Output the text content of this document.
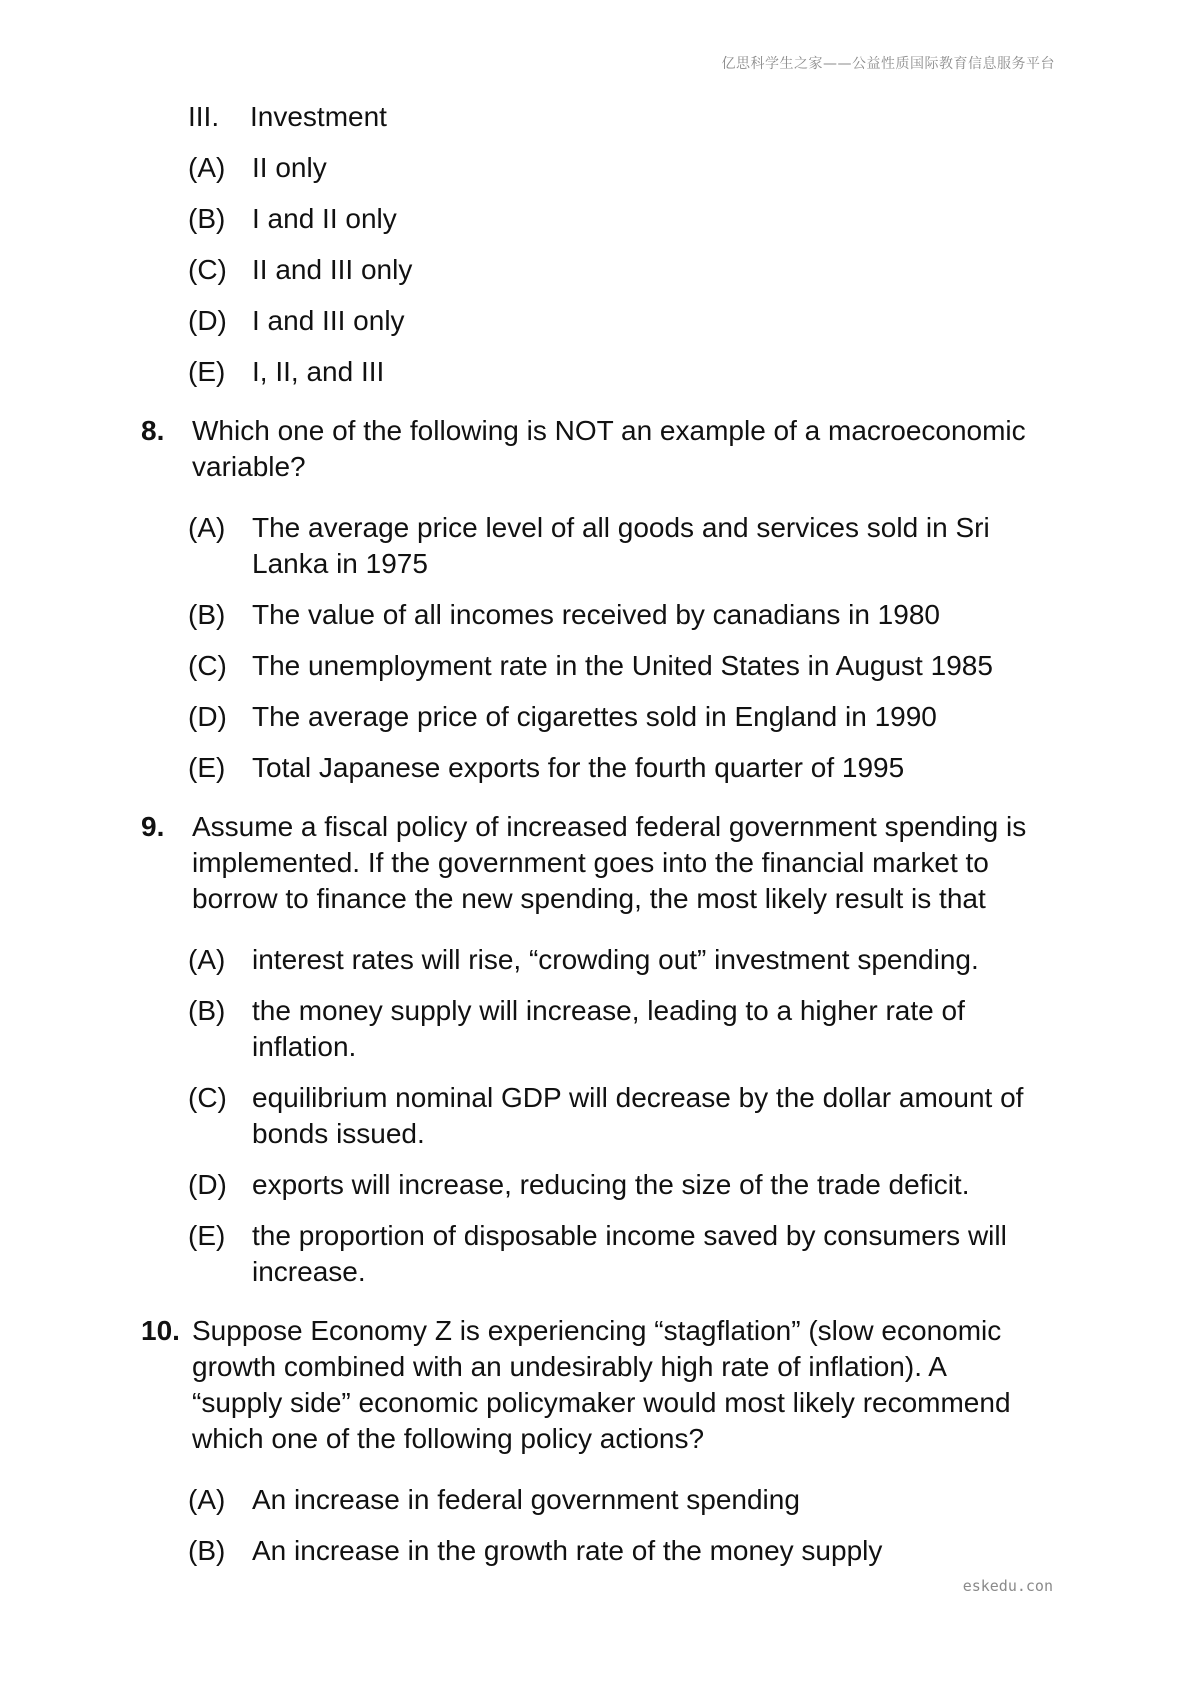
亿思科学生之家——公益性质国际教育信息服务平台
III. Investment
(A) II only
(B) I and II only
(C) II and III only
(D) I and III only
(E) I, II, and III
8. Which one of the following is NOT an example of a macroeconomic
variable?
(A) The average price level of all goods and services sold in Sri
Lanka in 1975
(B) The value of all incomes received by canadians in 1980
(C) The unemployment rate in the United States in August 1985
(D) The average price of cigarettes sold in England in 1990
(E) Total Japanese exports for the fourth quarter of 1995
9. Assume a fiscal policy of increased federal government spending is
implemented. If the government goes into the financial market to
borrow to finance the new spending, the most likely result is that
(A) interest rates will rise, “crowding out” investment spending.
(B) the money supply will increase, leading to a higher rate of
inflation.
(C) equilibrium nominal GDP will decrease by the dollar amount of
bonds issued.
(D) exports will increase, reducing the size of the trade deficit.
(E) the proportion of disposable income saved by consumers will
increase.
10. Suppose Economy Z is experiencing “stagflation” (slow economic
growth combined with an undesirably high rate of inflation). A
“supply side” economic policymaker would most likely recommend
which one of the following policy actions?
(A) An increase in federal government spending
(B) An increase in the growth rate of the money supply
eskedu.con
